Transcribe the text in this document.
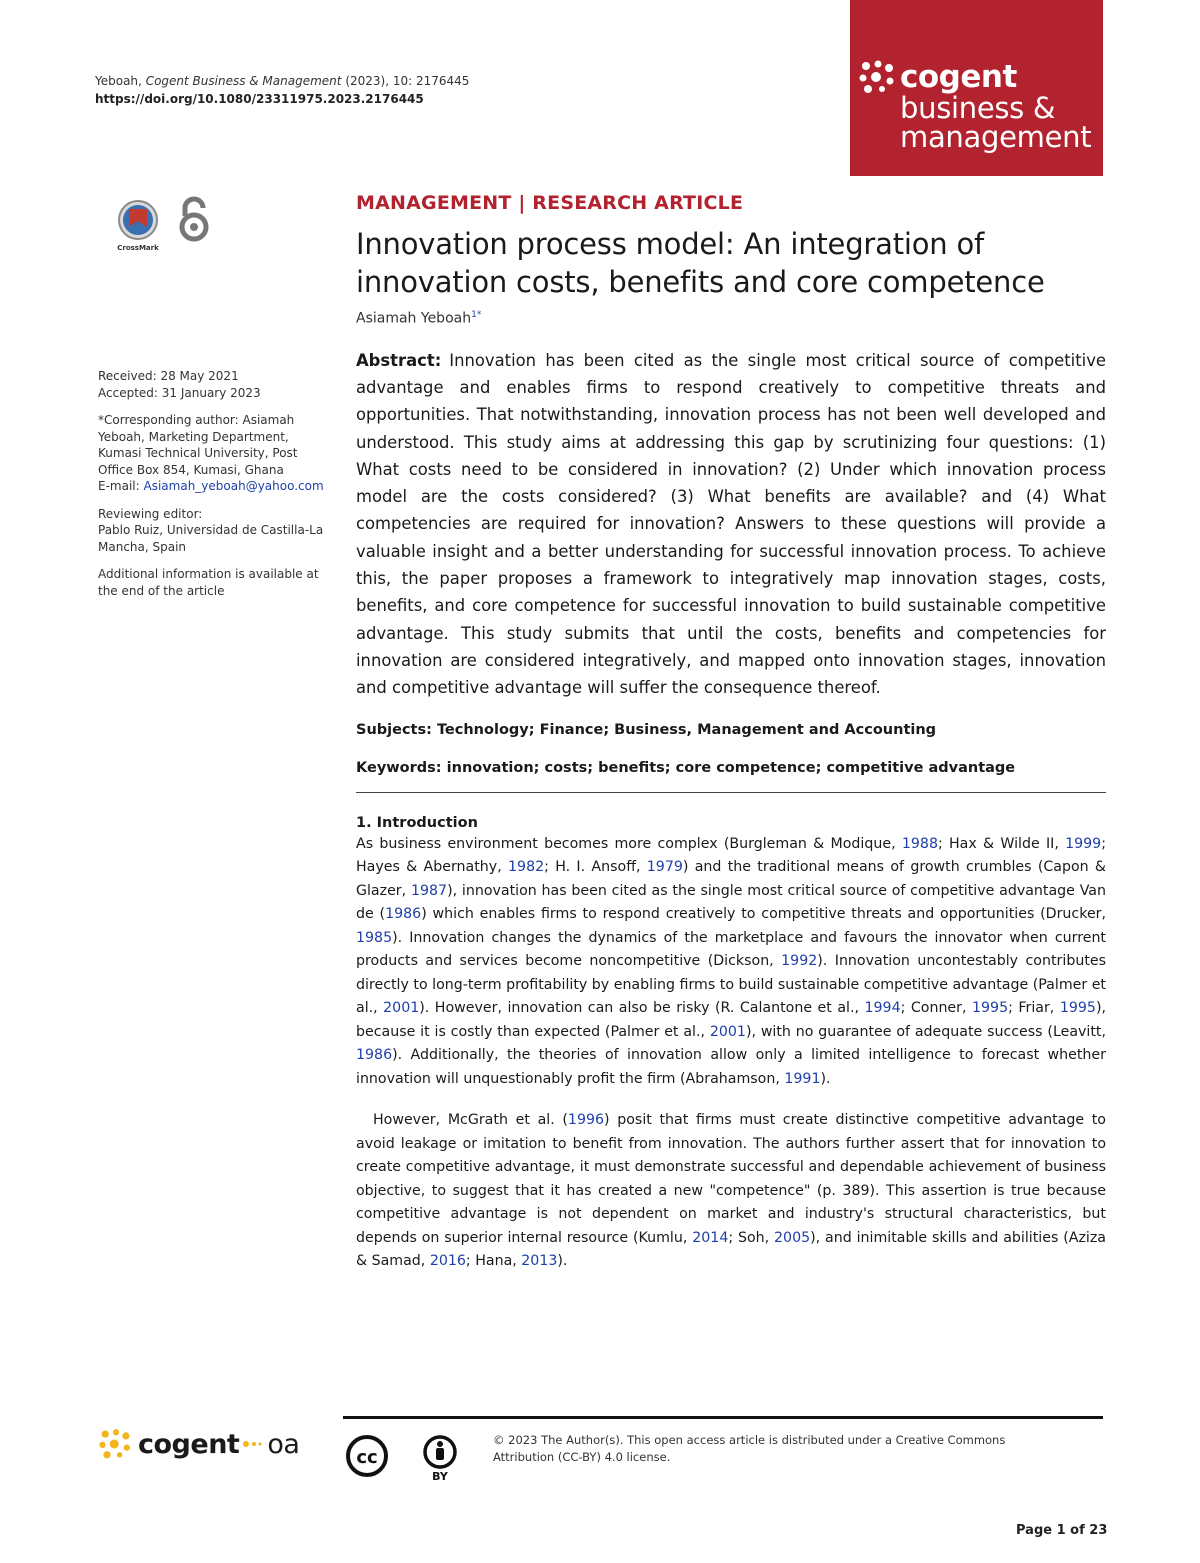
Yeboah, Cogent Business & Management (2023), 10: 2176445
https://doi.org/10.1080/23311975.2023.2176445
cogent
business &
management
CrossMark

Received: 28 May 2021

Accepted: 31 January 2023

*Corresponding author: Asiamah Yeboah, Marketing Department, Kumasi Technical University, Post Office Box 854, Kumasi, Ghana

E-mail: Asiamah_yeboah@yahoo.com

Reviewing editor:

Pablo Ruiz, Universidad de Castilla-La Mancha, Spain

Additional information is available at the end of the article

MANAGEMENT | RESEARCH ARTICLE
Innovation process model: An integration of innovation costs, benefits and core competence
Asiamah Yeboah$^{1*}$
Abstract: Innovation has been cited as the single most critical source of competitive advantage and enables firms to respond creatively to competitive threats and opportunities. That notwithstanding, innovation process has not been well developed and understood. This study aims at addressing this gap by scrutinizing four questions: (1) What costs need to be considered in innovation? (2) Under which innovation process model are the costs considered? (3) What benefits are available? and (4) What competencies are required for innovation? Answers to these questions will provide a valuable insight and a better understanding for successful innovation process. To achieve this, the paper proposes a framework to integratively map innovation stages, costs, benefits, and core competence for successful innovation to build sustainable competitive advantage. This study submits that until the costs, benefits and competencies for innovation are considered integratively, and mapped onto innovation stages, innovation and competitive advantage will suffer the consequence thereof.
Subjects: Technology; Finance; Business, Management and Accounting
Keywords: innovation; costs; benefits; core competence; competitive advantage
1. Introduction

As business environment becomes more complex (Burgleman & Modique, 1988; Hax & Wilde II, 1999; Hayes & Abernathy, 1982; H. I. Ansoff, 1979) and the traditional means of growth crumbles (Capon & Glazer, 1987), innovation has been cited as the single most critical source of competitive advantage Van de (1986) which enables firms to respond creatively to competitive threats and opportunities (Drucker, 1985). Innovation changes the dynamics of the marketplace and favours the innovator when current products and services become noncompetitive (Dickson, 1992). Innovation uncontestably contributes directly to long-term profitability by enabling firms to build sustainable competitive advantage (Palmer et al., 2001). However, innovation can also be risky (R. Calantone et al., 1994; Conner, 1995; Friar, 1995), because it is costly than expected (Palmer et al., 2001), with no guarantee of adequate success (Leavitt, 1986). Additionally, the theories of innovation allow only a limited intelligence to forecast whether innovation will unquestionably profit the firm (Abrahamson, 1991).

However, McGrath et al. (1996) posit that firms must create distinctive competitive advantage to avoid leakage or imitation to benefit from innovation. The authors further assert that for innovation to create competitive advantage, it must demonstrate successful and dependable achievement of business objective, to suggest that it has created a new "competence" (p. 389). This assertion is true because competitive advantage is not dependent on market and industry's structural characteristics, but depends on superior internal resource (Kumlu, 2014; Soh, 2005), and inimitable skills and abilities (Aziza & Samad, 2016; Hana, 2013).

cogent oa	cc
BY
© 2023 The Author(s). This open access article is distributed under a Creative Commons Attribution (CC-BY) 4.0 license.
Page 1 of 23
